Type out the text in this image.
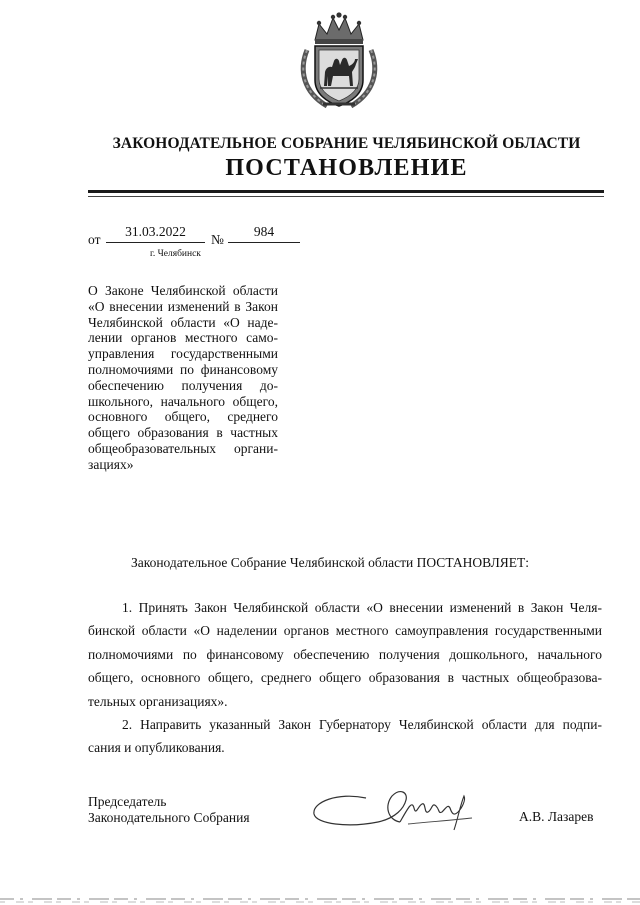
ЗАКОНОДАТЕЛЬНОЕ СОБРАНИЕ ЧЕЛЯБИНСКОЙ ОБЛАСТИ
ПОСТАНОВЛЕНИЕ
от
31.03.2022
№
984
г. Челябинск
О Законе Челябинской области
«О внесении изменений в Закон
Челябинской области «О наде-
лении органов местного само-
управления государственными
полномочиями по финансовому
обеспечению получения до-
школьного, начального общего,
основного общего, среднего
общего образования в частных
общеобразовательных органи-
зациях»
Законодательное Собрание Челябинской области ПОСТАНОВЛЯЕТ:
1. Принять Закон Челябинской области «О внесении изменений в Закон Челя-
бинской области «О наделении органов местного самоуправления государственными
полномочиями по финансовому обеспечению получения дошкольного, начального
общего, основного общего, среднего общего образования в частных общеобразова-
тельных организациях».
2. Направить указанный Закон Губернатору Челябинской области для подпи-
сания и опубликования.
Председатель
Законодательного Собрания	А.В. Лазарев
